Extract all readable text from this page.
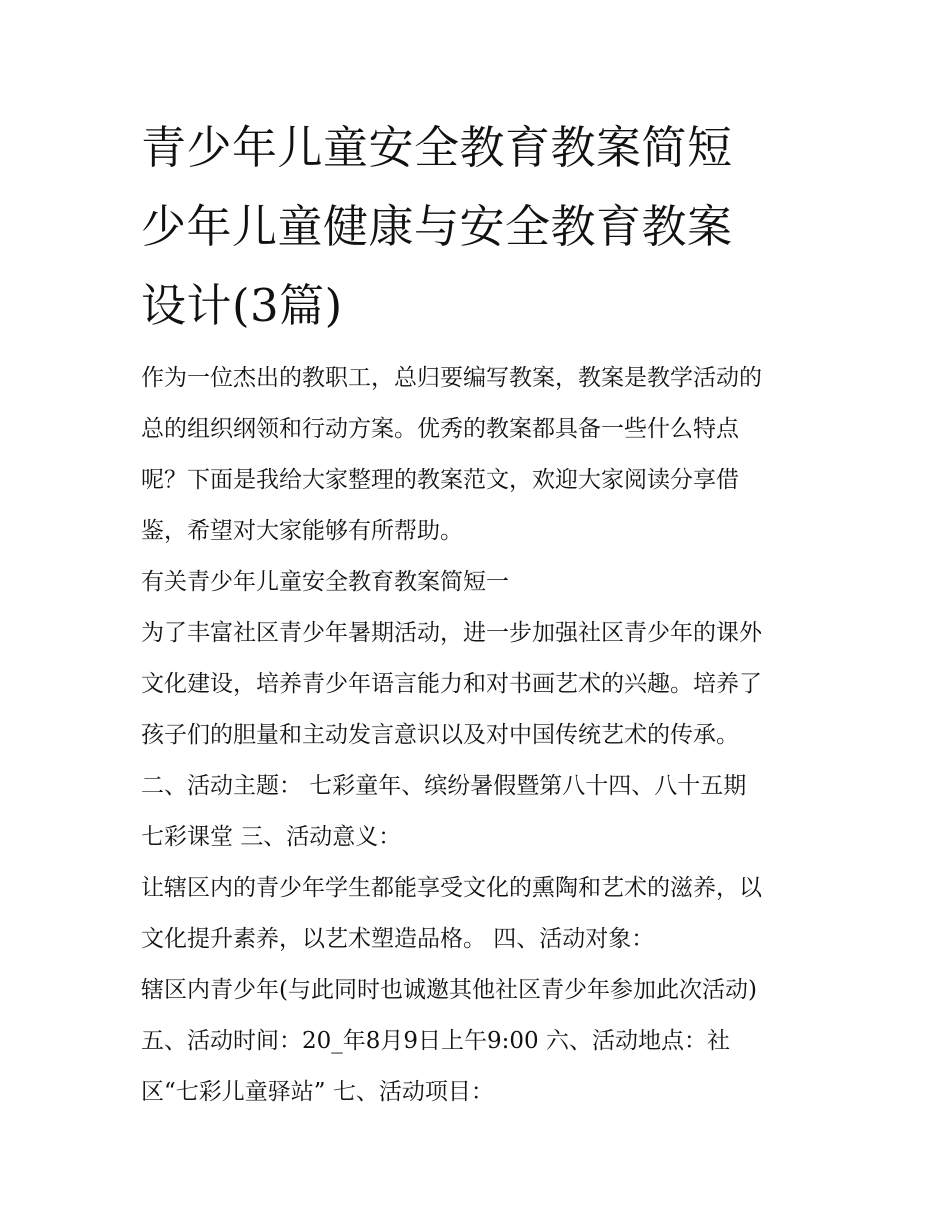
青少年儿童安全教育教案简短
少年儿童健康与安全教育教案
设计(3篇)

作为一位杰出的教职工，总归要编写教案，教案是教学活动的
总的组织纲领和行动方案。优秀的教案都具备一些什么特点
呢？下面是我给大家整理的教案范文，欢迎大家阅读分享借
鉴，希望对大家能够有所帮助。

有关青少年儿童安全教育教案简短一

为了丰富社区青少年暑期活动，进一步加强社区青少年的课外
文化建设，培养青少年语言能力和对书画艺术的兴趣。培养了
孩子们的胆量和主动发言意识以及对中国传统艺术的传承。

二、活动主题： 七彩童年、缤纷暑假暨第八十四、八十五期
七彩课堂 三、活动意义：

让辖区内的青少年学生都能享受文化的熏陶和艺术的滋养，以
文化提升素养，以艺术塑造品格。 四、活动对象：

辖区内青少年(与此同时也诚邀其他社区青少年参加此次活动)
五、活动时间：20_年8月9日上午9:00 六、活动地点：社
区“七彩儿童驿站” 七、活动项目：
